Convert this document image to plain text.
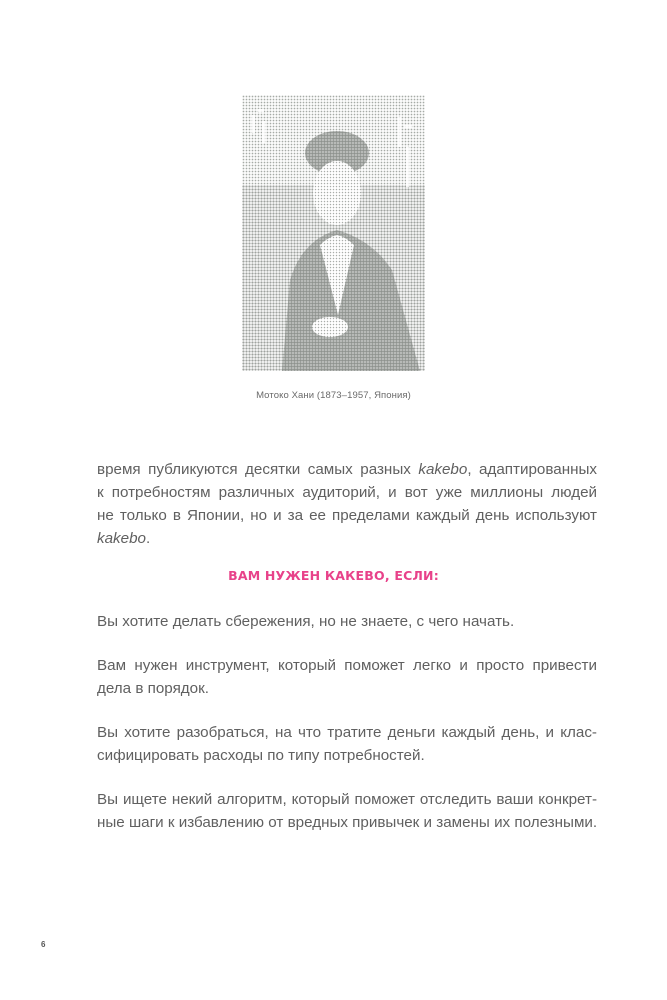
Мотоко Хани (1873–1957, Япония)
время публикуются десятки самых разных kakebo, адаптированных
к потребностям различных аудиторий, и вот уже миллионы людей
не только в Японии, но и за ее пределами каждый день используют
kakebo.
ВАМ НУЖЕН КАКЕВО, ЕСЛИ:
Вы хотите делать сбережения, но не знаете, с чего начать.
Вам нужен инструмент, который поможет легко и просто привести
дела в порядок.
Вы хотите разобраться, на что тратите деньги каждый день, и клас-
сифицировать расходы по типу потребностей.
Вы ищете некий алгоритм, который поможет отследить ваши конкрет-
ные шаги к избавлению от вредных привычек и замены их полезными.
6
